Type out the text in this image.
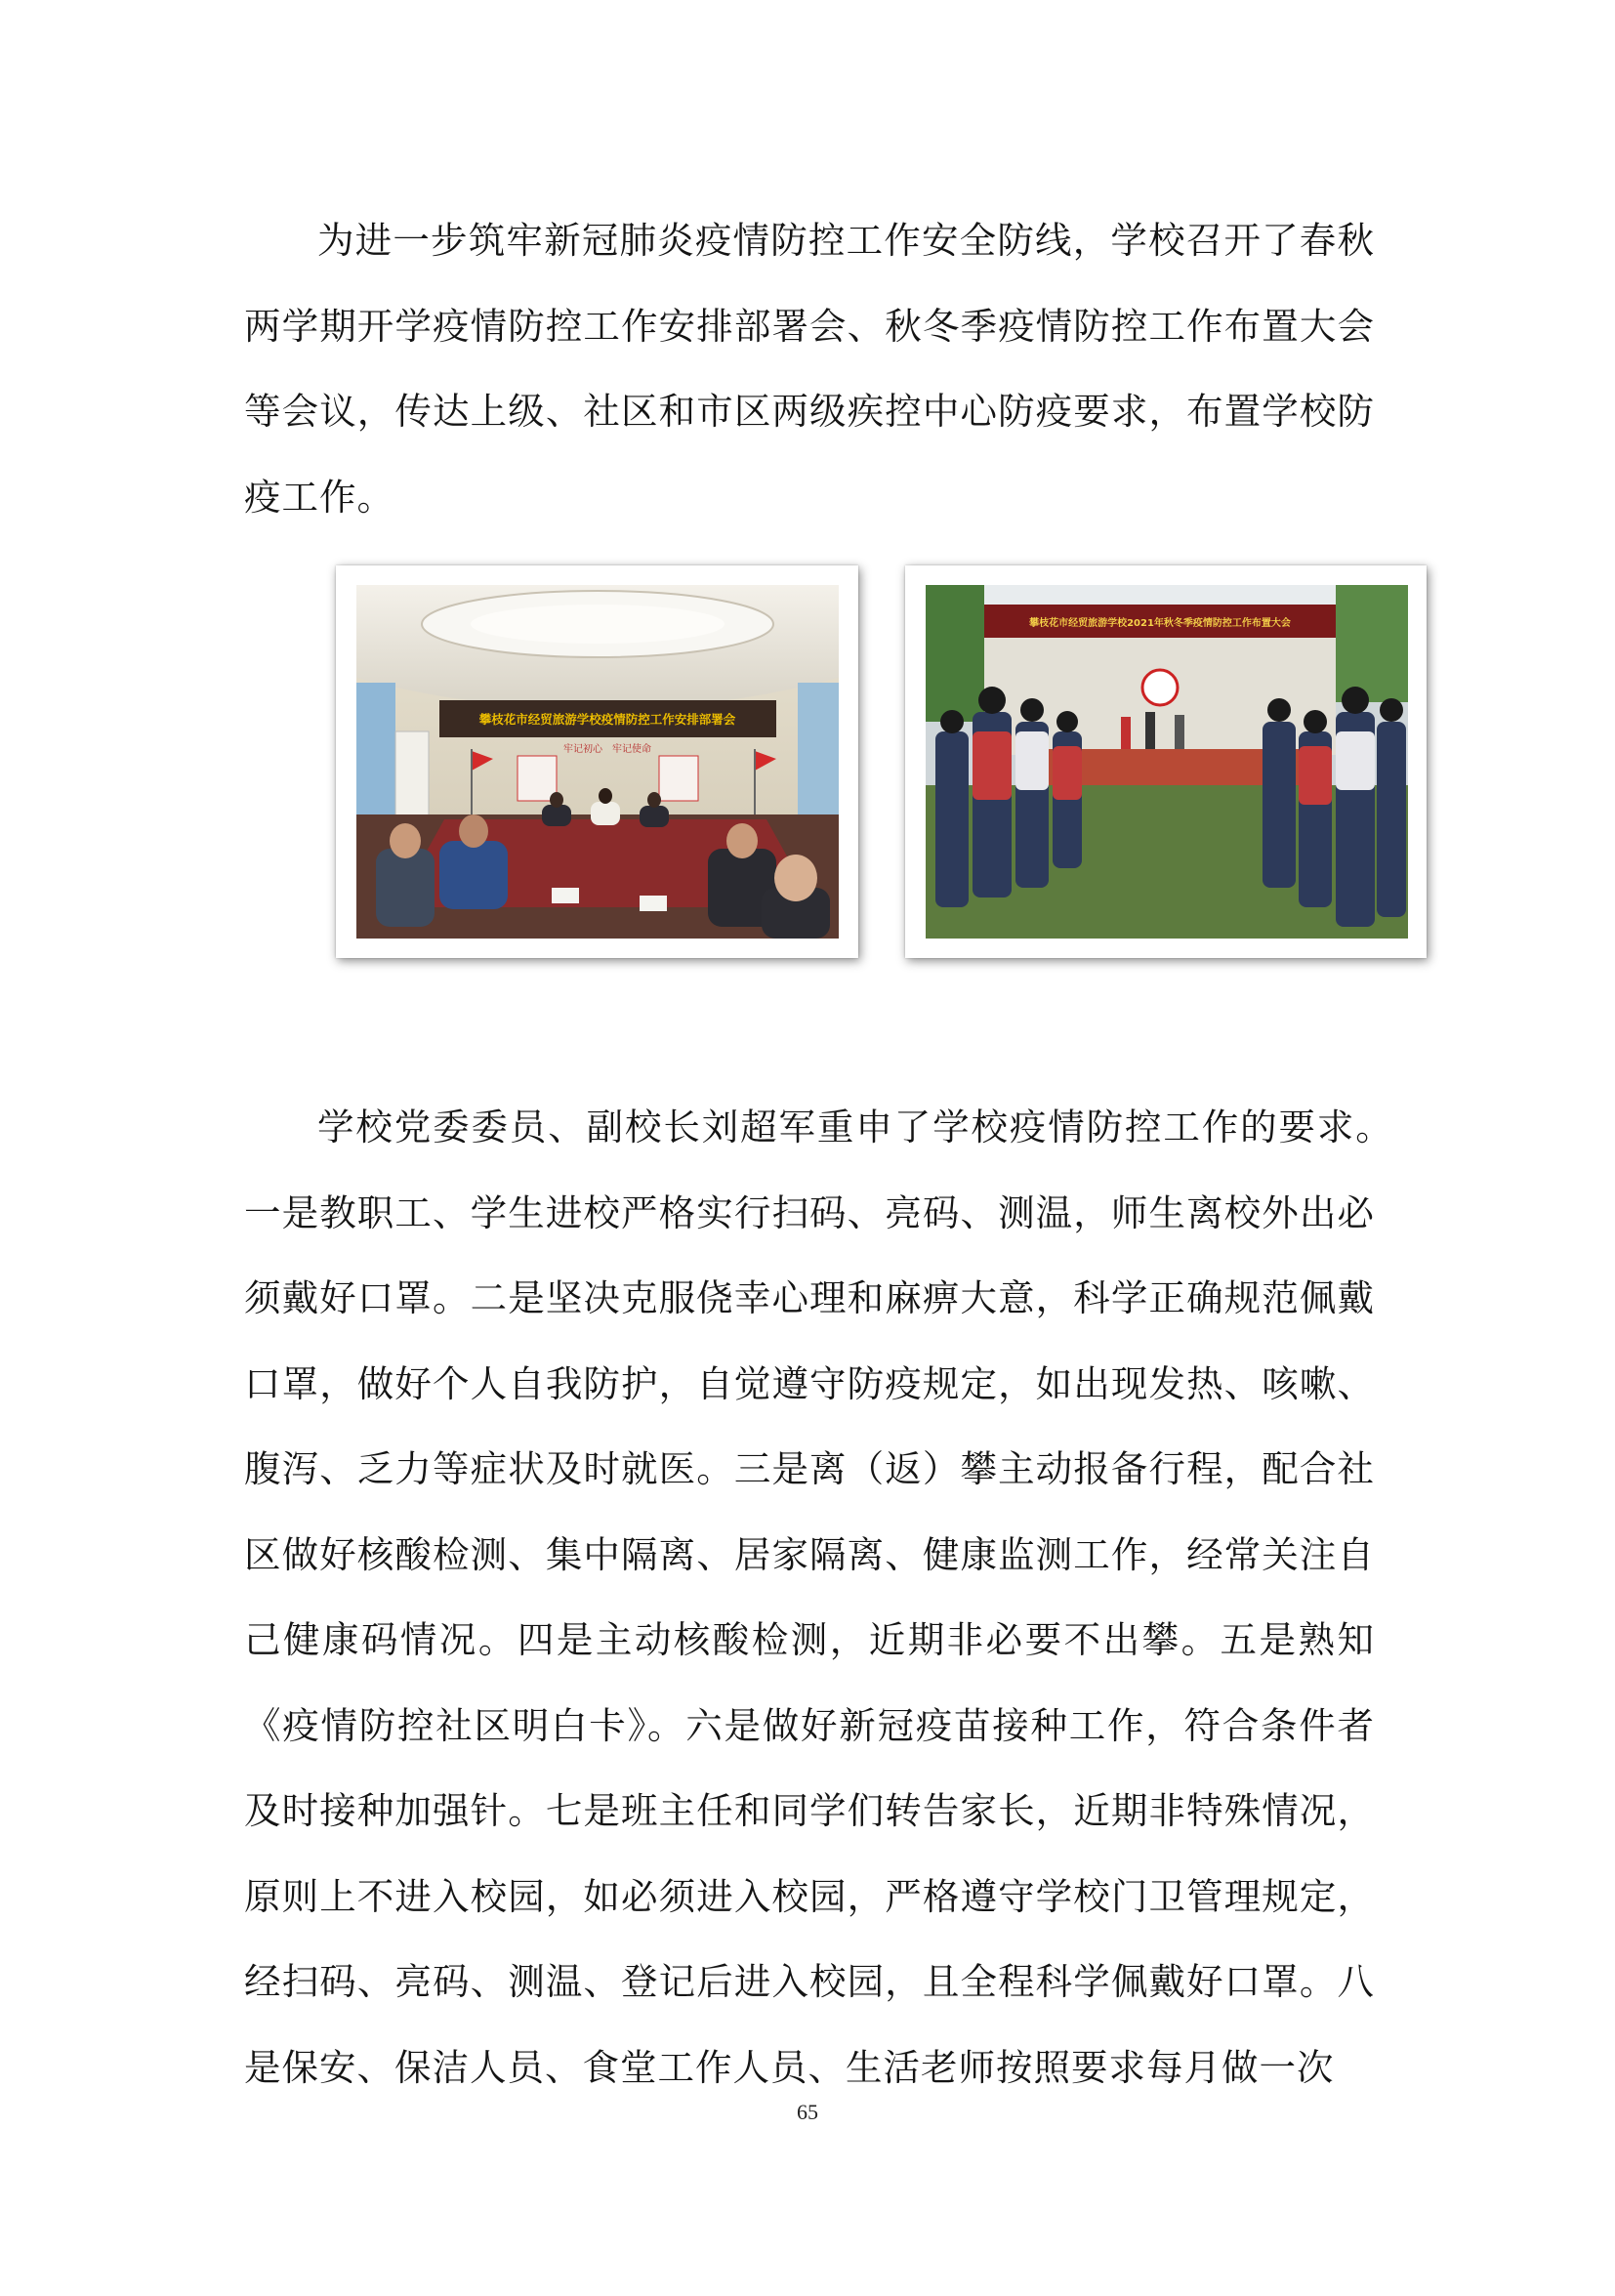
为进一步筑牢新冠肺炎疫情防控工作安全防线，学校召开了春秋两学期开学疫情防控工作安排部署会、秋冬季疫情防控工作布置大会等会议，传达上级、社区和市区两级疾控中心防疫要求，布置学校防疫工作。

攀枝花市经贸旅游学校疫情防控工作安排部署会
牢记初心　牢记使命
攀枝花市经贸旅游学校2021年秋冬季疫情防控工作布置大会

学校党委委员、副校长刘超军重申了学校疫情防控工作的要求。　一是教职工、学生进校严格实行扫码、亮码、测温，师生离校外出必须戴好口罩。二是坚决克服侥幸心理和麻痹大意，科学正确规范佩戴口罩，做好个人自我防护，自觉遵守防疫规定，如出现发热、咳嗽、腹泻、乏力等症状及时就医。三是离（返）攀主动报备行程，配合社区做好核酸检测、集中隔离、居家隔离、健康监测工作，经常关注自己健康码情况。四是主动核酸检测，近期非必要不出攀。五是熟知《疫情防控社区明白卡》。六是做好新冠疫苗接种工作，符合条件者及时接种加强针。七是班主任和同学们转告家长，近期非特殊情况，原则上不进入校园，如必须进入校园，严格遵守学校门卫管理规定，经扫码、亮码、测温、登记后进入校园，且全程科学佩戴好口罩。八是保安、保洁人员、食堂工作人员、生活老师按照要求每月做一次

65
